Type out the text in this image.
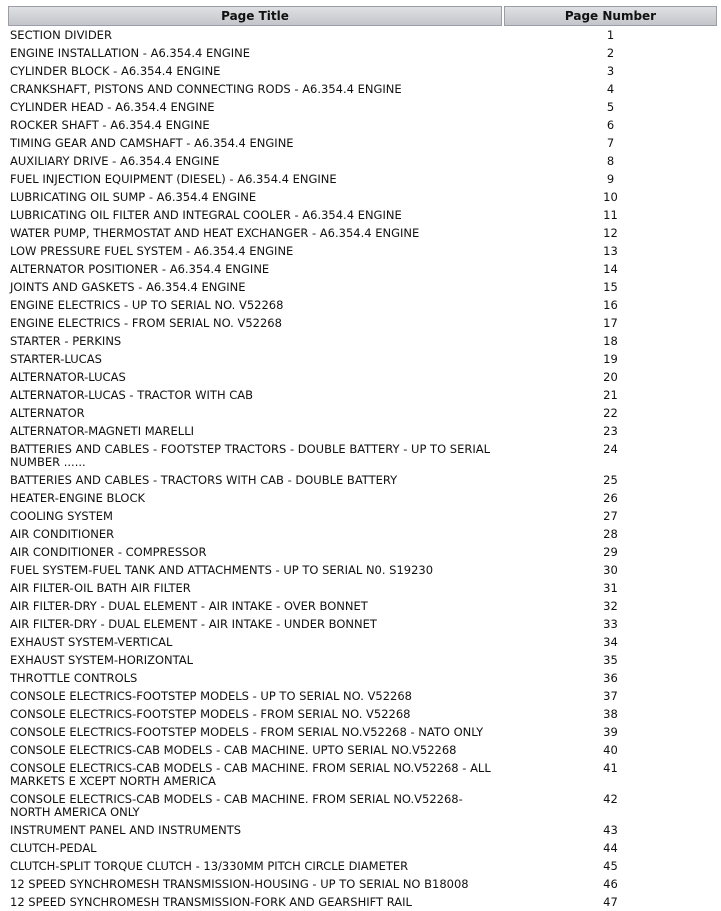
Page Title	Page Number
SECTION DIVIDER	1
ENGINE INSTALLATION - A6.354.4 ENGINE	2
CYLINDER BLOCK - A6.354.4 ENGINE	3
CRANKSHAFT, PISTONS AND CONNECTING RODS - A6.354.4 ENGINE	4
CYLINDER HEAD - A6.354.4 ENGINE	5
ROCKER SHAFT - A6.354.4 ENGINE	6
TIMING GEAR AND CAMSHAFT - A6.354.4 ENGINE	7
AUXILIARY DRIVE - A6.354.4 ENGINE	8
FUEL INJECTION EQUIPMENT (DIESEL) - A6.354.4 ENGINE	9
LUBRICATING OIL SUMP - A6.354.4 ENGINE	10
LUBRICATING OIL FILTER AND INTEGRAL COOLER - A6.354.4 ENGINE	11
WATER PUMP, THERMOSTAT AND HEAT EXCHANGER - A6.354.4 ENGINE	12
LOW PRESSURE FUEL SYSTEM - A6.354.4 ENGINE	13
ALTERNATOR POSITIONER - A6.354.4 ENGINE	14
JOINTS AND GASKETS - A6.354.4 ENGINE	15
ENGINE ELECTRICS - UP TO SERIAL NO. V52268	16
ENGINE ELECTRICS - FROM SERIAL NO. V52268	17
STARTER - PERKINS	18
STARTER-LUCAS	19
ALTERNATOR-LUCAS	20
ALTERNATOR-LUCAS - TRACTOR WITH CAB	21
ALTERNATOR	22
ALTERNATOR-MAGNETI MARELLI	23
BATTERIES AND CABLES - FOOTSTEP TRACTORS - DOUBLE BATTERY - UP TO SERIAL NUMBER ......	24
BATTERIES AND CABLES - TRACTORS WITH CAB - DOUBLE BATTERY	25
HEATER-ENGINE BLOCK	26
COOLING SYSTEM	27
AIR CONDITIONER	28
AIR CONDITIONER - COMPRESSOR	29
FUEL SYSTEM-FUEL TANK AND ATTACHMENTS - UP TO SERIAL N0. S19230	30
AIR FILTER-OIL BATH AIR FILTER	31
AIR FILTER-DRY - DUAL ELEMENT - AIR INTAKE - OVER BONNET	32
AIR FILTER-DRY - DUAL ELEMENT - AIR INTAKE - UNDER BONNET	33
EXHAUST SYSTEM-VERTICAL	34
EXHAUST SYSTEM-HORIZONTAL	35
THROTTLE CONTROLS	36
CONSOLE ELECTRICS-FOOTSTEP MODELS - UP TO SERIAL NO. V52268	37
CONSOLE ELECTRICS-FOOTSTEP MODELS - FROM SERIAL NO. V52268	38
CONSOLE ELECTRICS-FOOTSTEP MODELS - FROM SERIAL NO.V52268 - NATO ONLY	39
CONSOLE ELECTRICS-CAB MODELS - CAB MACHINE. UPTO SERIAL NO.V52268	40
CONSOLE ELECTRICS-CAB MODELS - CAB MACHINE. FROM SERIAL NO.V52268 - ALL MARKETS E XCEPT NORTH AMERICA	41
CONSOLE ELECTRICS-CAB MODELS - CAB MACHINE. FROM SERIAL NO.V52268-NORTH AMERICA ONLY	42
INSTRUMENT PANEL AND INSTRUMENTS	43
CLUTCH-PEDAL	44
CLUTCH-SPLIT TORQUE CLUTCH - 13/330MM PITCH CIRCLE DIAMETER	45
12 SPEED SYNCHROMESH TRANSMISSION-HOUSING - UP TO SERIAL NO B18008	46
12 SPEED SYNCHROMESH TRANSMISSION-FORK AND GEARSHIFT RAIL	47
